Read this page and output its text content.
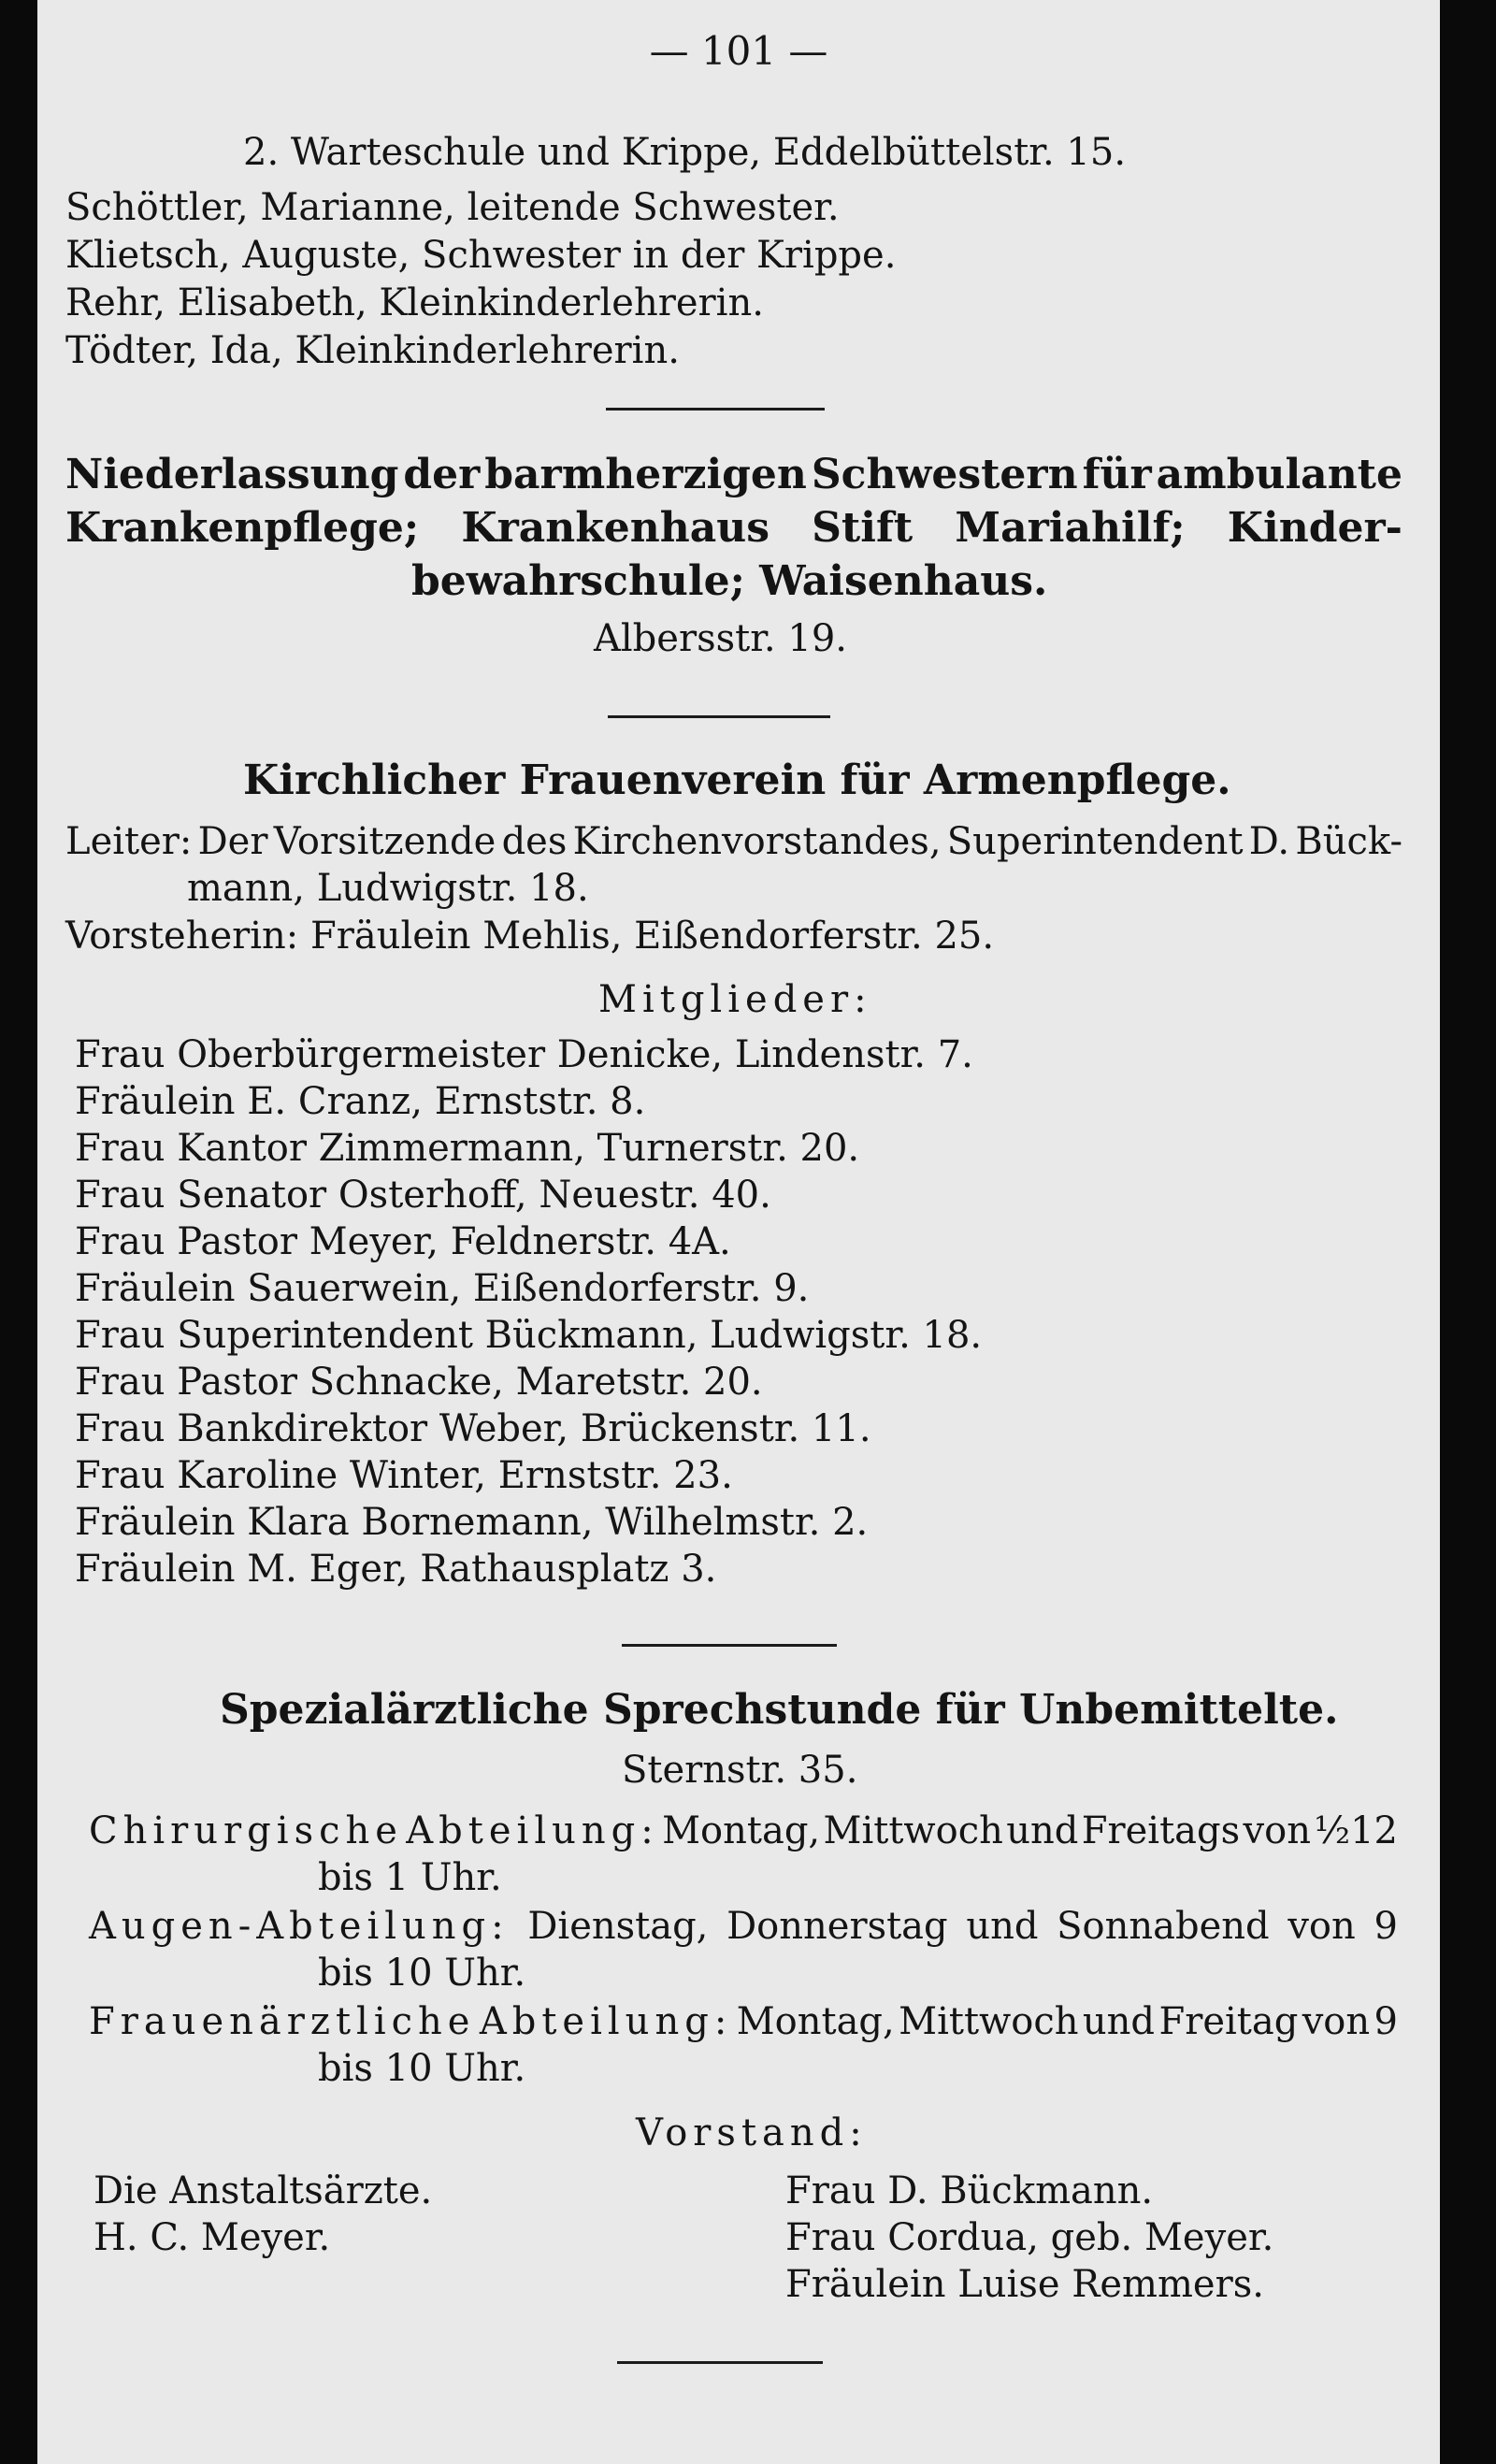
— 101 —
2. Warteschule und Krippe, Eddelbüttelstr. 15.
Schöttler, Marianne, leitende Schwester.
Klietsch, Auguste, Schwester in der Krippe.
Rehr, Elisabeth, Kleinkinderlehrerin.
Tödter, Ida, Kleinkinderlehrerin.
Niederlassung der barmherzigen Schwestern für ambulante
Krankenpflege; Krankenhaus Stift Mariahilf; Kinder-
bewahrschule; Waisenhaus.
Albersstr. 19.
Kirchlicher Frauenverein für Armenpflege.
Leiter: Der Vorsitzende des Kirchenvorstandes, Superintendent D. Bück-
mann, Ludwigstr. 18.
Vorsteherin: Fräulein Mehlis, Eißendorferstr. 25.
Mitglieder:
Frau Oberbürgermeister Denicke, Lindenstr. 7.
Fräulein E. Cranz, Ernststr. 8.
Frau Kantor Zimmermann, Turnerstr. 20.
Frau Senator Osterhoff, Neuestr. 40.
Frau Pastor Meyer, Feldnerstr. 4A.
Fräulein Sauerwein, Eißendorferstr. 9.
Frau Superintendent Bückmann, Ludwigstr. 18.
Frau Pastor Schnacke, Maretstr. 20.
Frau Bankdirektor Weber, Brückenstr. 11.
Frau Karoline Winter, Ernststr. 23.
Fräulein Klara Bornemann, Wilhelmstr. 2.
Fräulein M. Eger, Rathausplatz 3.
Spezialärztliche Sprechstunde für Unbemittelte.
Sternstr. 35.
Chirurgische Abteilung: Montag, Mittwoch und Freitags von ½12
bis 1 Uhr.
Augen-Abteilung: Dienstag, Donnerstag und Sonnabend von 9
bis 10 Uhr.
Frauenärztliche Abteilung: Montag, Mittwoch und Freitag von 9
bis 10 Uhr.
Vorstand:
Die Anstaltsärzte.
H. C. Meyer.
Frau D. Bückmann.
Frau Cordua, geb. Meyer.
Fräulein Luise Remmers.
